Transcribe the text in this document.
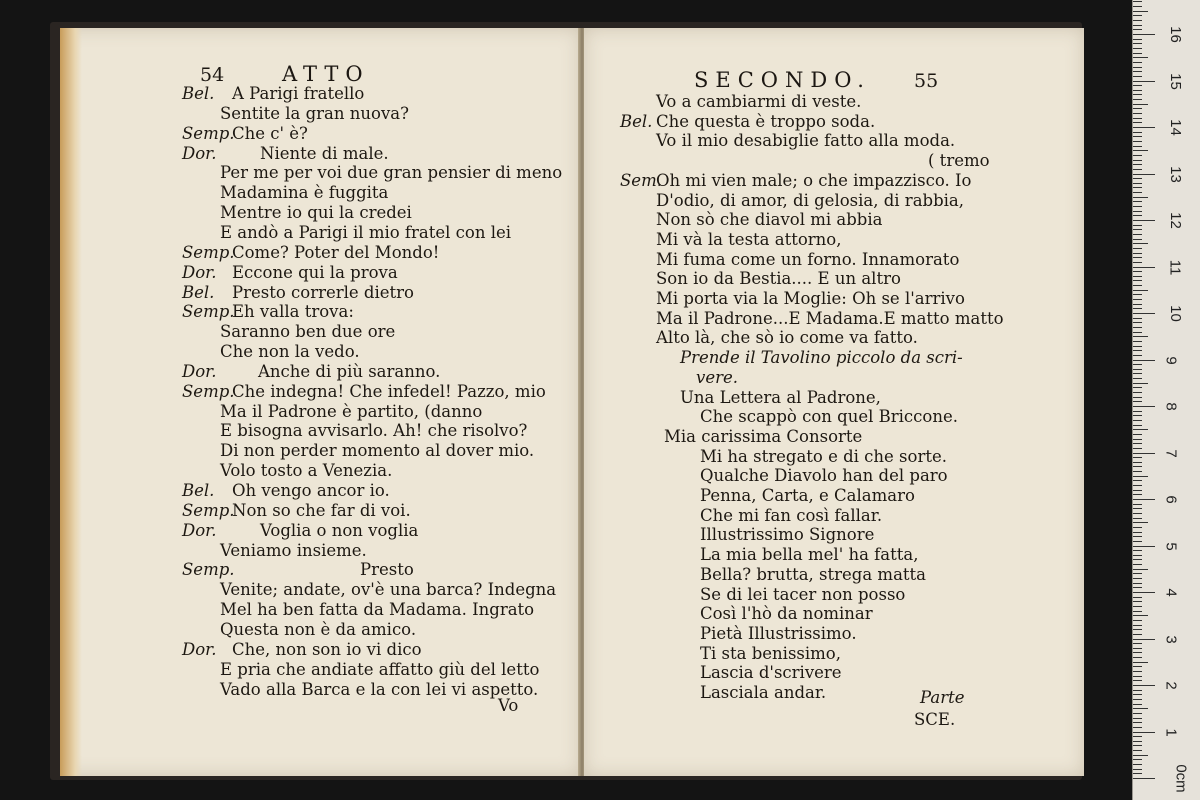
54	ATTO
Bel. A Parigi fratello
Sentite la gran nuova?
Semp.
Che c' è?
Dor.	Niente di male.
Per me per voi due gran pensier di meno
Madamina è fuggita
Mentre io qui la credei
E andò a Parigi il mio fratel con lei
Semp.
Come? Poter del Mondo!
Dor. Eccone qui la prova
Bel. Presto correrle dietro
Semp.
Eh valla trova:
Saranno ben due ore
Che non la vedo.
Dor.	Anche di più saranno.
Semp.
Che indegna! Che infedel! Pazzo, mio
Ma il Padrone è partito, (danno
E bisogna avvisarlo. Ah! che risolvo?
Di non perder momento al dover mio.
Volo tosto a Venezia.
Bel. Oh vengo ancor io.
Semp.
Non so che far di voi.
Dor.	Voglia o non voglia
Veniamo insieme.
Semp.	Presto
Venite; andate, ov'è una barca? Indegna
Mel ha ben fatta da Madama. Ingrato
Questa non è da amico.
Dor. Che, non son io vi dico
E pria che andiate affatto giù del letto
Vado alla Barca e la con lei vi aspetto.
Vo
SECONDO. 55
Vo a cambiarmi di veste.
Bel. Che questa è troppo soda.
Vo il mio desabiglie fatto alla moda.
( tremo
Sem.
Oh mi vien male; o che impazzisco. Io
D'odio, di amor, di gelosia, di rabbia,
Non sò che diavol mi abbia
Mi và la testa attorno,
Mi fuma come un forno. Innamorato
Son io da Bestia.... E un altro
Mi porta via la Moglie: Oh se l'arrivo
Ma il Padrone...E Madama.E matto matto
Alto là, che sò io come va fatto.
Prende il Tavolino piccolo da scri-
vere.
Una Lettera al Padrone,
Che scappò con quel Briccone.
Mia carissima Consorte
Mi ha stregato e di che sorte.
Qualche Diavolo han del paro
Penna, Carta, e Calamaro
Che mi fan così fallar.
Illustrissimo Signore
La mia bella mel' ha fatta,
Bella? brutta, strega matta
Se di lei tacer non posso
Così l'hò da nominar
Pietà Illustrissimo.
Ti sta benissimo,
Lascia d'scrivere
Lasciala andar.	Parte
SCE.
16
15
14
13
12
11
10
9
8
7
6
5
4
3
2
1
0cm
